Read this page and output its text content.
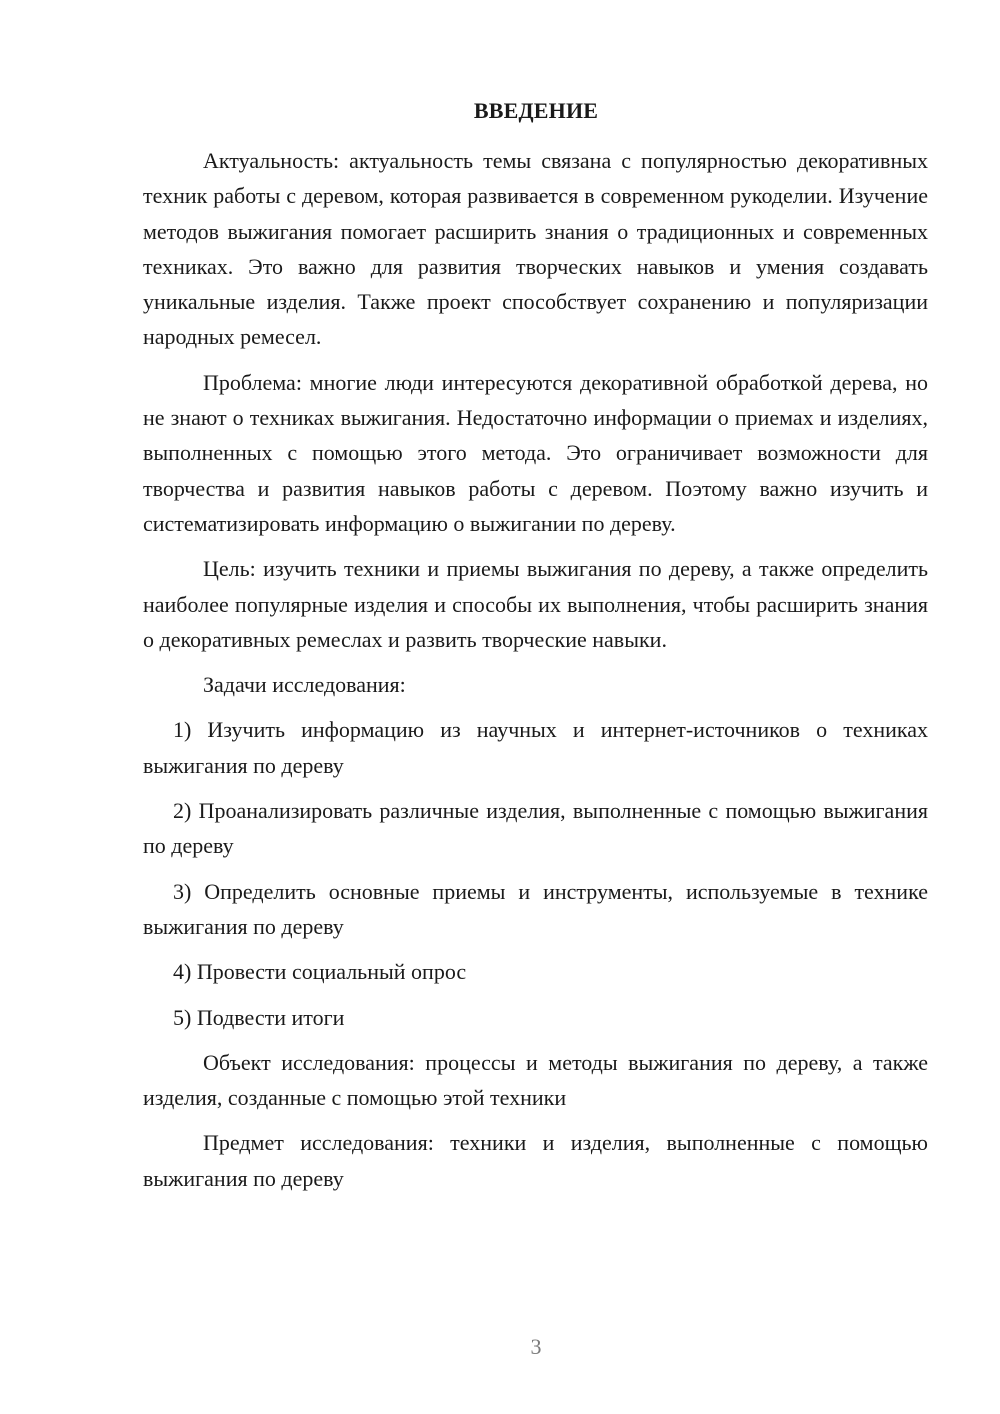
ВВЕДЕНИЕ

Актуальность: актуальность темы связана с популярностью декоративных техник работы с деревом, которая развивается в современном рукоделии. Изучение методов выжигания помогает расширить знания о традиционных и современных техниках. Это важно для развития творческих навыков и умения создавать уникальные изделия. Также проект способствует сохранению и популяризации народных ремесел.

Проблема: многие люди интересуются декоративной обработкой дерева, но не знают о техниках выжигания. Недостаточно информации о приемах и изделиях, выполненных с помощью этого метода. Это ограничивает возможности для творчества и развития навыков работы с деревом. Поэтому важно изучить и систематизировать информацию о выжигании по дереву.

Цель: изучить техники и приемы выжигания по дереву, а также определить наиболее популярные изделия и способы их выполнения, чтобы расширить знания о декоративных ремеслах и развить творческие навыки.

Задачи исследования:

1) Изучить информацию из научных и интернет-источников о техниках выжигания по дереву

2) Проанализировать различные изделия, выполненные с помощью выжигания по дереву

3) Определить основные приемы и инструменты, используемые в технике выжигания по дереву

4) Провести социальный опрос

5) Подвести итоги

Объект исследования: процессы и методы выжигания по дереву, а также изделия, созданные с помощью этой техники

Предмет исследования: техники и изделия, выполненные с помощью выжигания по дереву

3
